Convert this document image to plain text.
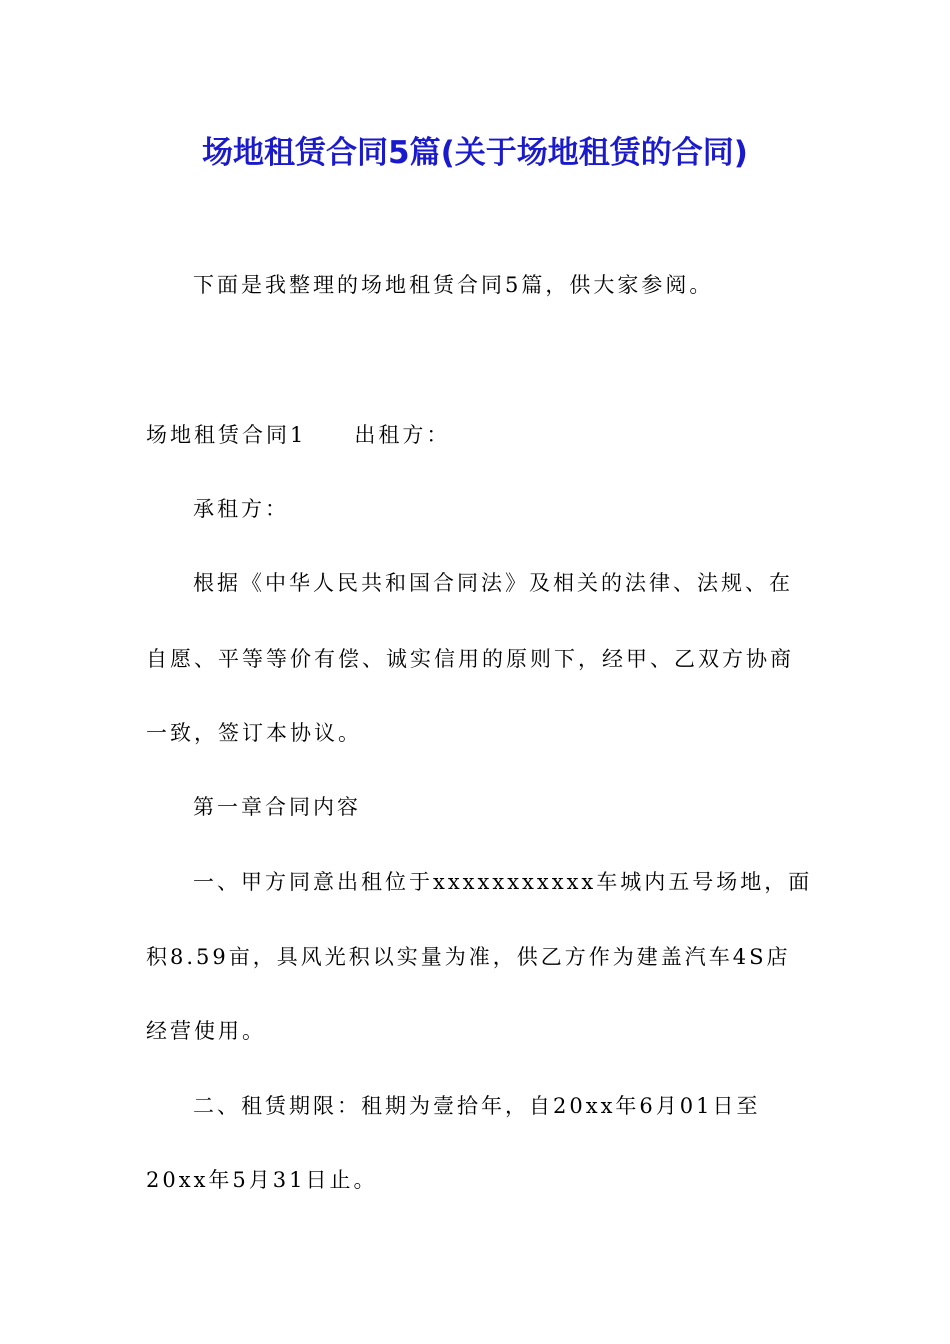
场地租赁合同5篇(关于场地租赁的合同)
下面是我整理的场地租赁合同5篇，供大家参阅。
场地租赁合同1 出租方：
承租方：
根据《中华人民共和国合同法》及相关的法律、法规、在
自愿、平等等价有偿、诚实信用的原则下，经甲、乙双方协商
一致，签订本协议。
第一章合同内容
一、甲方同意出租位于xxxxxxxxxxx车城内五号场地，面
积8.59亩，具风光积以实量为准，供乙方作为建盖汽车4S店
经营使用。
二、租赁期限：租期为壹拾年，自20xx年6月01日至
20xx年5月31日止。
